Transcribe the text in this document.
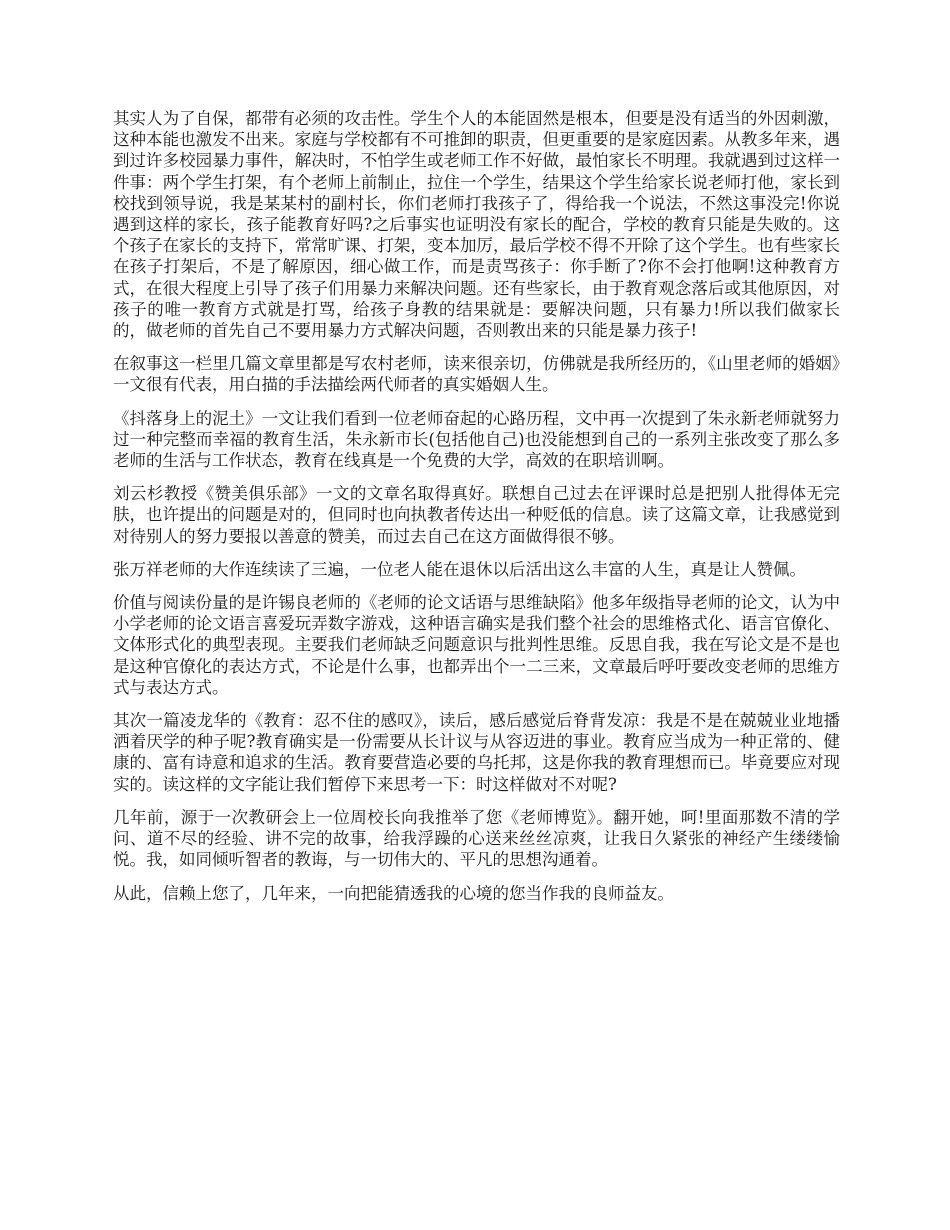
其实人为了自保，都带有必须的攻击性。学生个人的本能固然是根本，但要是没有适当的外因刺激，这种本能也激发不出来。家庭与学校都有不可推卸的职责，但更重要的是家庭因素。从教多年来，遇到过许多校园暴力事件，解决时，不怕学生或老师工作不好做，最怕家长不明理。我就遇到过这样一件事：两个学生打架，有个老师上前制止，拉住一个学生，结果这个学生给家长说老师打他，家长到校找到领导说，我是某某村的副村长，你们老师打我孩子了，得给我一个说法，不然这事没完!你说遇到这样的家长，孩子能教育好吗?之后事实也证明没有家长的配合，学校的教育只能是失败的。这个孩子在家长的支持下，常常旷课、打架，变本加厉，最后学校不得不开除了这个学生。也有些家长在孩子打架后，不是了解原因，细心做工作，而是责骂孩子：你手断了?你不会打他啊!这种教育方式，在很大程度上引导了孩子们用暴力来解决问题。还有些家长，由于教育观念落后或其他原因，对孩子的唯一教育方式就是打骂，给孩子身教的结果就是：要解决问题，只有暴力!所以我们做家长的，做老师的首先自己不要用暴力方式解决问题，否则教出来的只能是暴力孩子!

在叙事这一栏里几篇文章里都是写农村老师，读来很亲切，仿佛就是我所经历的，《山里老师的婚姻》一文很有代表，用白描的手法描绘两代师者的真实婚姻人生。

《抖落身上的泥土》一文让我们看到一位老师奋起的心路历程，文中再一次提到了朱永新老师就努力过一种完整而幸福的教育生活，朱永新市长(包括他自己)也没能想到自己的一系列主张改变了那么多老师的生活与工作状态，教育在线真是一个免费的大学，高效的在职培训啊。

刘云杉教授《赞美俱乐部》一文的文章名取得真好。联想自己过去在评课时总是把别人批得体无完肤，也许提出的问题是对的，但同时也向执教者传达出一种贬低的信息。读了这篇文章，让我感觉到对待别人的努力要报以善意的赞美，而过去自己在这方面做得很不够。

张万祥老师的大作连续读了三遍，一位老人能在退休以后活出这么丰富的人生，真是让人赞佩。

价值与阅读份量的是许锡良老师的《老师的论文话语与思维缺陷》他多年级指导老师的论文，认为中小学老师的论文语言喜爱玩弄数字游戏，这种语言确实是我们整个社会的思维格式化、语言官僚化、文体形式化的典型表现。主要我们老师缺乏问题意识与批判性思维。反思自我，我在写论文是不是也是这种官僚化的表达方式，不论是什么事，也都弄出个一二三来，文章最后呼吁要改变老师的思维方式与表达方式。

其次一篇凌龙华的《教育：忍不住的感叹》，读后，感后感觉后脊背发凉：我是不是在兢兢业业地播洒着厌学的种子呢?教育确实是一份需要从长计议与从容迈进的事业。教育应当成为一种正常的、健康的、富有诗意和追求的生活。教育要营造必要的乌托邦，这是你我的教育理想而已。毕竟要应对现实的。读这样的文字能让我们暂停下来思考一下：时这样做对不对呢?

几年前，源于一次教研会上一位周校长向我推举了您《老师博览》。翻开她，呵!里面那数不清的学问、道不尽的经验、讲不完的故事，给我浮躁的心送来丝丝凉爽，让我日久紧张的神经产生缕缕愉悦。我，如同倾听智者的教诲，与一切伟大的、平凡的思想沟通着。

从此，信赖上您了，几年来，一向把能猜透我的心境的您当作我的良师益友。
